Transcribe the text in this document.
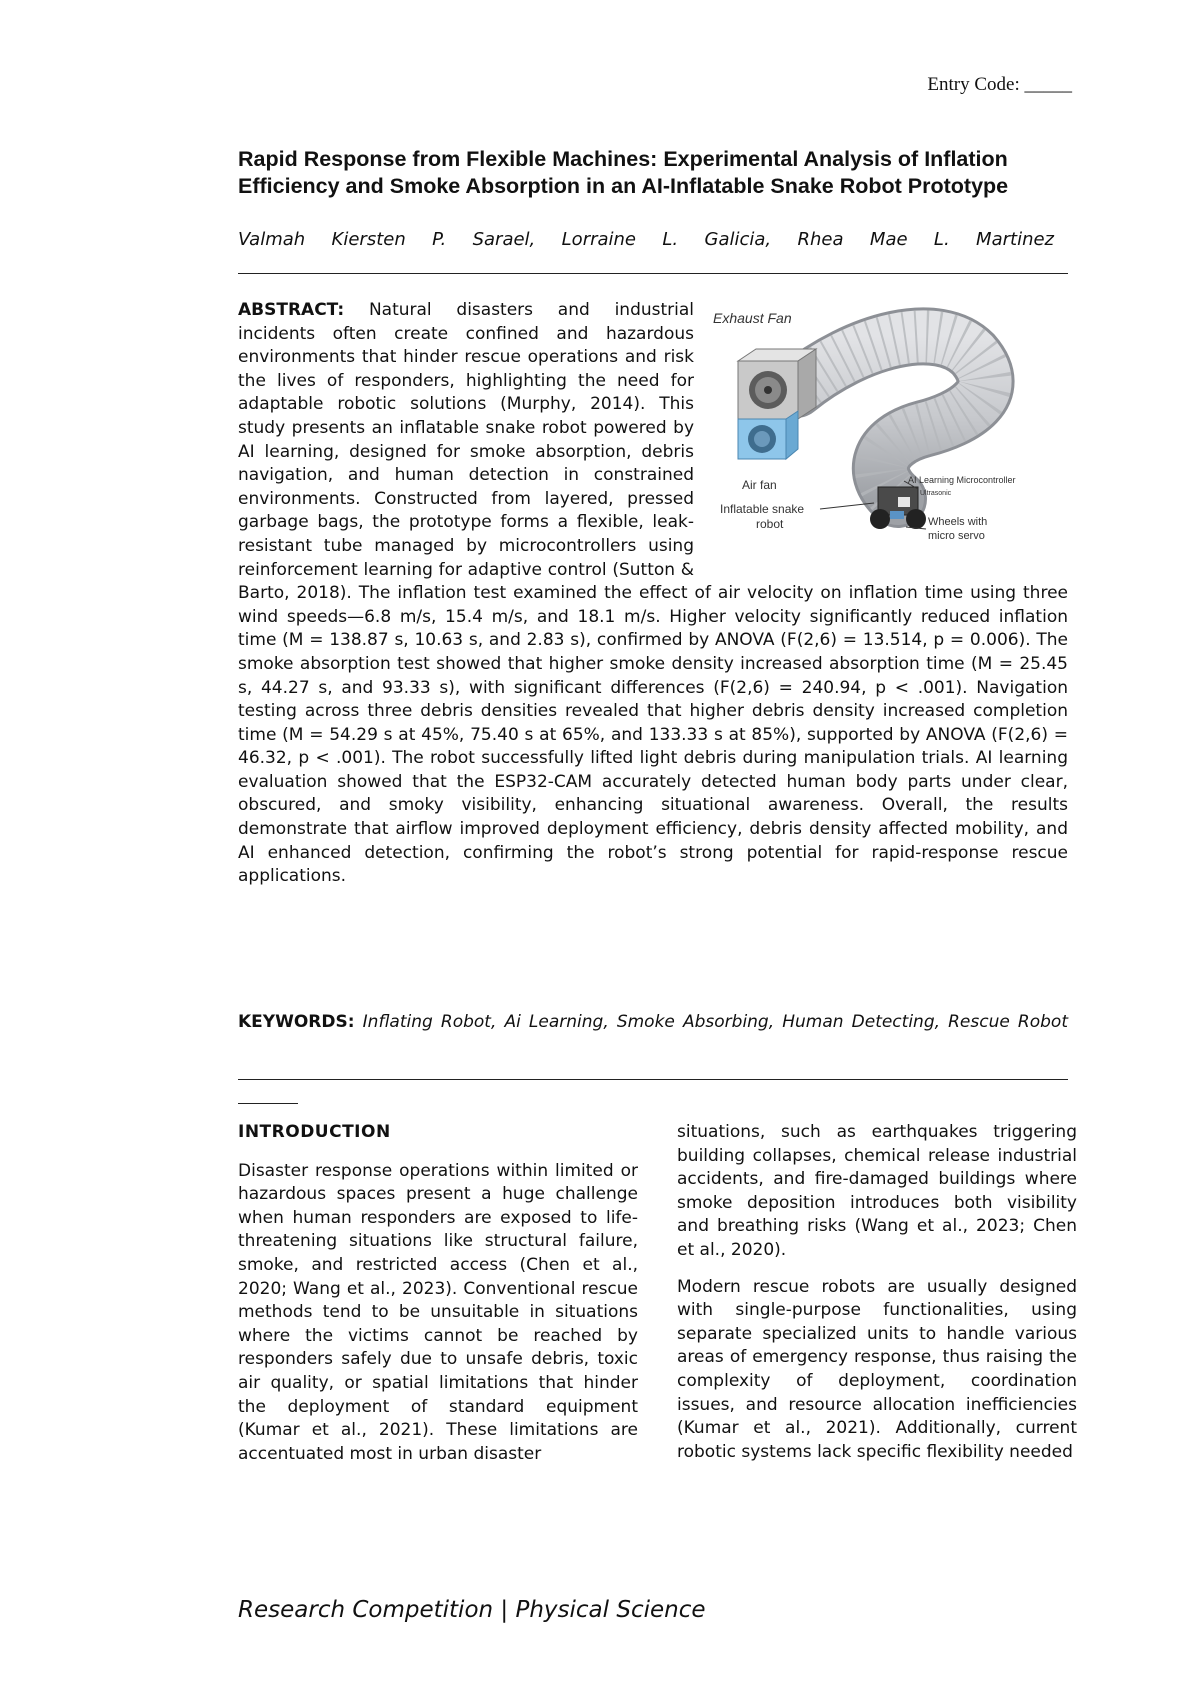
Entry Code: _____
Rapid Response from Flexible Machines: Experimental Analysis of Inflation Efficiency and Smoke Absorption in an AI-Inflatable Snake Robot Prototype
Valmah Kiersten P. Sarael, Lorraine L. Galicia, Rhea Mae L. Martinez
Exhaust Fan
Air fan
Inflatable snake
robot
AI Learning Microcontroller
Ultrasonic
Wheels with
micro servo
ABSTRACT: Natural disasters and industrial incidents often create confined and hazardous environments that hinder rescue operations and risk the lives of responders, highlighting the need for adaptable robotic solutions (Murphy, 2014). This study presents an inflatable snake robot powered by AI learning, designed for smoke absorption, debris navigation, and human detection in constrained environments. Constructed from layered, pressed garbage bags, the prototype forms a flexible, leak-resistant tube managed by microcontrollers using reinforcement learning for adaptive control (Sutton & Barto, 2018). The inflation test examined the effect of air velocity on inflation time using three wind speeds—6.8 m/s, 15.4 m/s, and 18.1 m/s. Higher velocity significantly reduced inflation time (M = 138.87 s, 10.63 s, and 2.83 s), confirmed by ANOVA (F(2,6) = 13.514, p = 0.006). The smoke absorption test showed that higher smoke density increased absorption time (M = 25.45 s, 44.27 s, and 93.33 s), with significant differences (F(2,6) = 240.94, p < .001). Navigation testing across three debris densities revealed that higher debris density increased completion time (M = 54.29 s at 45%, 75.40 s at 65%, and 133.33 s at 85%), supported by ANOVA (F(2,6) = 46.32, p < .001). The robot successfully lifted light debris during manipulation trials. AI learning evaluation showed that the ESP32-CAM accurately detected human body parts under clear, obscured, and smoky visibility, enhancing situational awareness. Overall, the results demonstrate that airflow improved deployment efficiency, debris density affected mobility, and AI enhanced detection, confirming the robot’s strong potential for rapid-response rescue applications.
KEYWORDS: Inflating Robot, Ai Learning, Smoke Absorbing, Human Detecting, Rescue Robot
INTRODUCTION

Disaster response operations within limited or hazardous spaces present a huge challenge when human responders are exposed to life-threatening situations like structural failure, smoke, and restricted access (Chen et al., 2020; Wang et al., 2023). Conventional rescue methods tend to be unsuitable in situations where the victims cannot be reached by responders safely due to unsafe debris, toxic air quality, or spatial limitations that hinder the deployment of standard equipment (Kumar et al., 2021). These limitations are accentuated most in urban disaster

situations, such as earthquakes triggering building collapses, chemical release industrial accidents, and fire-damaged buildings where smoke deposition introduces both visibility and breathing risks (Wang et al., 2023; Chen et al., 2020).

Modern rescue robots are usually designed with single-purpose functionalities, using separate specialized units to handle various areas of emergency response, thus raising the complexity of deployment, coordination issues, and resource allocation inefficiencies (Kumar et al., 2021). Additionally, current robotic systems lack specific flexibility needed

Research Competition | Physical Science
